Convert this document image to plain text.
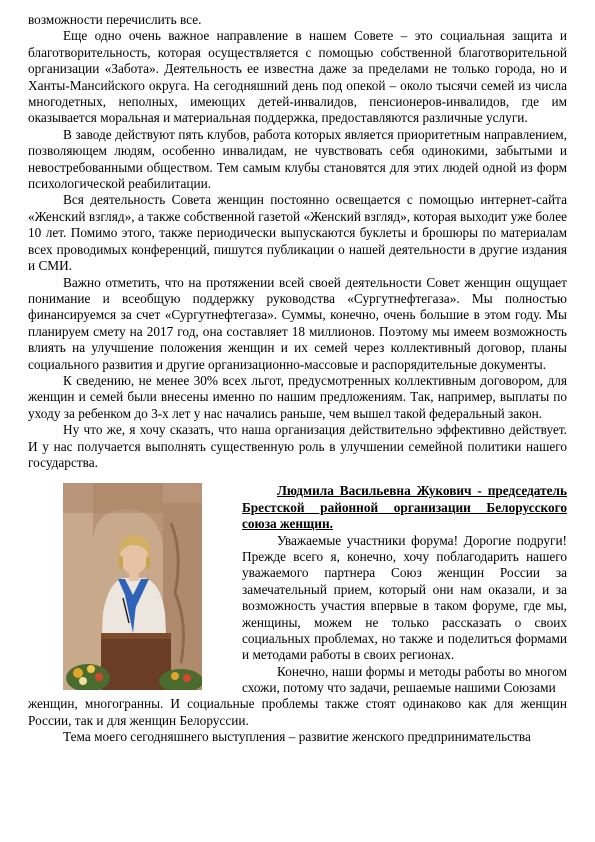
возможности перечислить все.

Еще одно очень важное направление в нашем Совете – это социальная защита и благотворительность, которая осуществляется с помощью собственной благотворительной организации «Забота». Деятельность ее известна даже за пределами не только города, но и Ханты-Мансийского округа. На сегодняшний день под опекой – около тысячи семей из числа многодетных, неполных, имеющих детей-инвалидов, пенсионеров-инвалидов, где им оказывается моральная и материальная поддержка, предоставляются различные услуги.

В заводе действуют пять клубов, работа которых является приоритетным направлением, позволяющем людям, особенно инвалидам, не чувствовать себя одинокими, забытыми и невостребованными обществом. Тем самым клубы становятся для этих людей одной из форм психологической реабилитации.

Вся деятельность Совета женщин постоянно освещается с помощью интернет-сайта «Женский взгляд», а также собственной газетой «Женский взгляд», которая выходит уже более 10 лет. Помимо этого, также периодически выпускаются буклеты и брошюры по материалам всех проводимых конференций, пишутся публикации о нашей деятельности в другие издания и СМИ.

Важно отметить, что на протяжении всей своей деятельности Совет женщин ощущает понимание и всеобщую поддержку руководства «Сургутнефтегаза». Мы полностью финансируемся за счет «Сургутнефтегаза». Суммы, конечно, очень большие в этом году. Мы планируем смету на 2017 год, она составляет 18 миллионов. Поэтому мы имеем возможность влиять на улучшение положения женщин и их семей через коллективный договор, планы социального развития и другие организационно-массовые и распорядительные документы.

К сведению, не менее 30% всех льгот, предусмотренных коллективным договором, для женщин и семей были внесены именно по нашим предложениям. Так, например, выплаты по уходу за ребенком до 3-х лет у нас начались раньше, чем вышел такой федеральный закон.

Ну что же, я хочу сказать, что наша организация действительно эффективно действует. И у нас получается выполнять существенную роль в улучшении семейной политики нашего государства.

Людмила Васильевна Жукович - председатель Брестской районной организации Белорусского союза женщин.

Уважаемые участники форума! Дорогие подруги! Прежде всего я, конечно, хочу поблагодарить нашего уважаемого партнера Союз женщин России за замечательный прием, который они нам оказали, и за возможность участия впервые в таком форуме, где мы, женщины, можем не только рассказать о своих социальных проблемах, но также и поделиться формами и методами работы в своих регионах.

Конечно, наши формы и методы работы во многом схожи, потому что задачи, решаемые нашими Союзами

женщин, многогранны. И социальные проблемы также стоят одинаково как для женщин России, так и для женщин Белоруссии.

Тема моего сегодняшнего выступления – развитие женского предпринимательства
